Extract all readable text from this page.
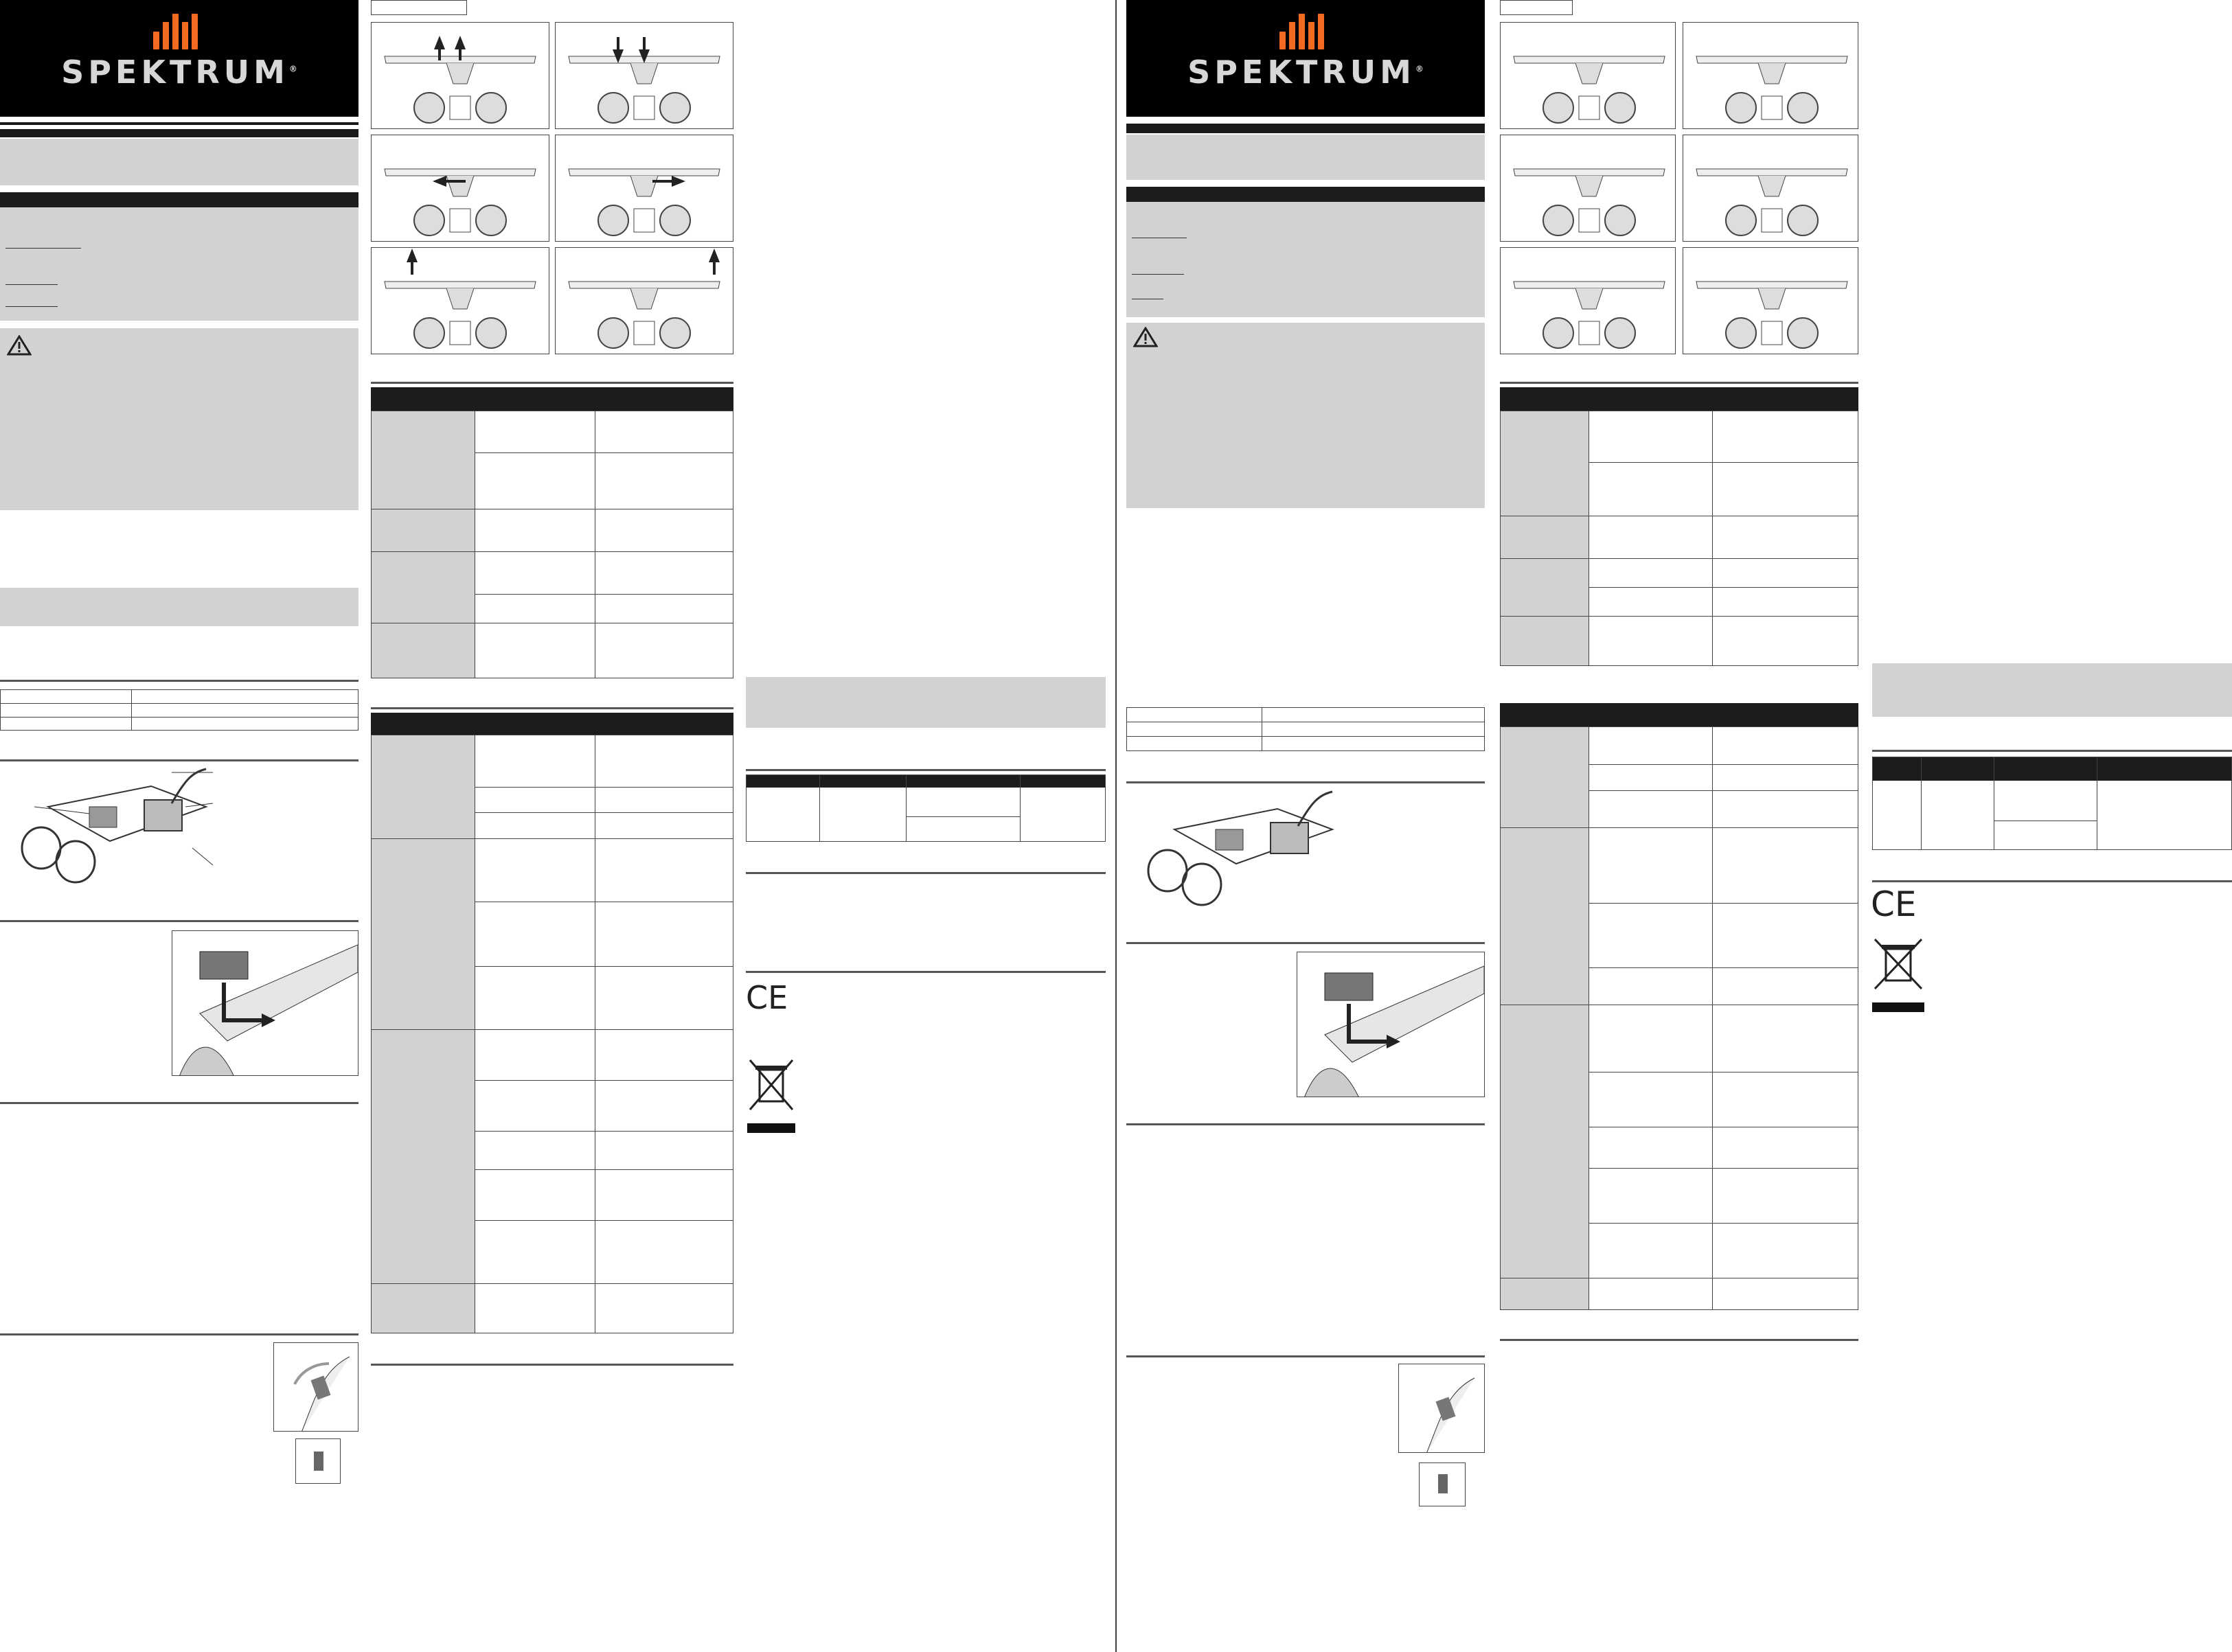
SPEKTRUM®
CE
SPEKTRUM®
CE
